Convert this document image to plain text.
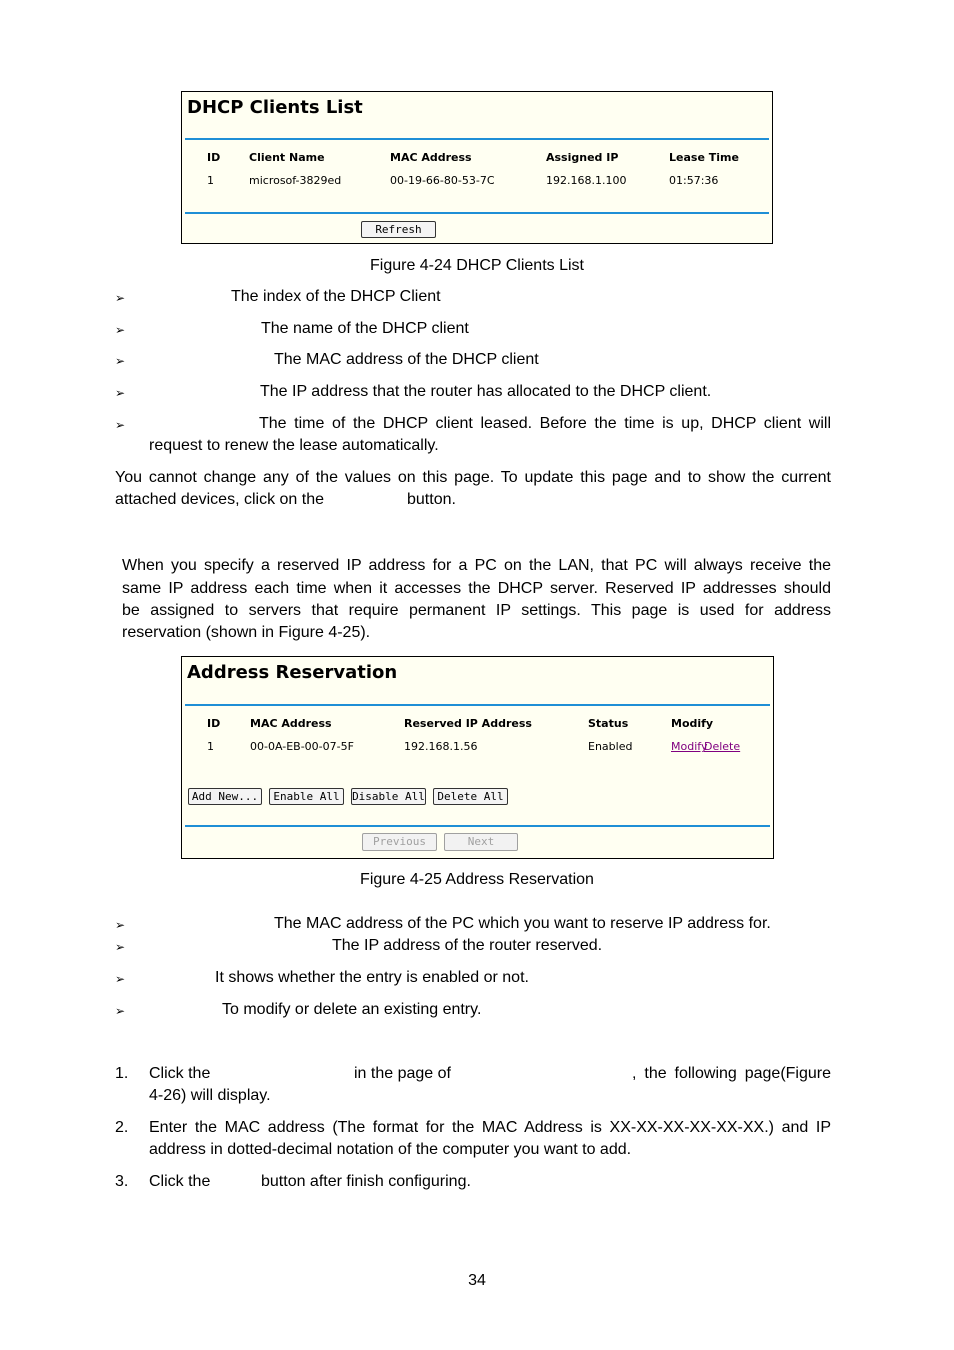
DHCP Clients List
ID	Client Name	MAC Address	Assigned IP	Lease Time
1	microsof-3829ed	00-19-66-80-53-7C	192.168.1.100	01:57:36
Refresh
Figure 4-24 DHCP Clients List
➢	The index of the DHCP Client
➢	The name of the DHCP client
➢	The MAC address of the DHCP client
➢	The IP address that the router has allocated to the DHCP client.
➢	The time of the DHCP client leased. Before the time is up, DHCP client will
request to renew the lease automatically.
You cannot change any of the values on this page. To update this page and to show the current
attached devices, click on the	button.
When you specify a reserved IP address for a PC on the LAN, that PC will always receive the
same IP address each time when it accesses the DHCP server. Reserved IP addresses should
be assigned to servers that require permanent IP settings. This page is used for address
reservation (shown in Figure 4-25).
Address Reservation
ID	MAC Address	Reserved IP Address	Status	Modify
1	00-0A-EB-00-07-5F	192.168.1.56	Enabled	Modify
Delete
Add New...	Enable All	Disable All	Delete All
Previous	Next
Figure 4-25 Address Reservation
➢	The MAC address of the PC which you want to reserve IP address for.
➢	The IP address of the router reserved.
➢	It shows whether the entry is enabled or not.
➢	To modify or delete an existing entry.
1. Click the	in the page of	, the following page(Figure
4-26) will display.
2. Enter the MAC address (The format for the MAC Address is XX-XX-XX-XX-XX-XX.) and IP
address in dotted-decimal notation of the computer you want to add.
3. Click the	button after finish configuring.
34
